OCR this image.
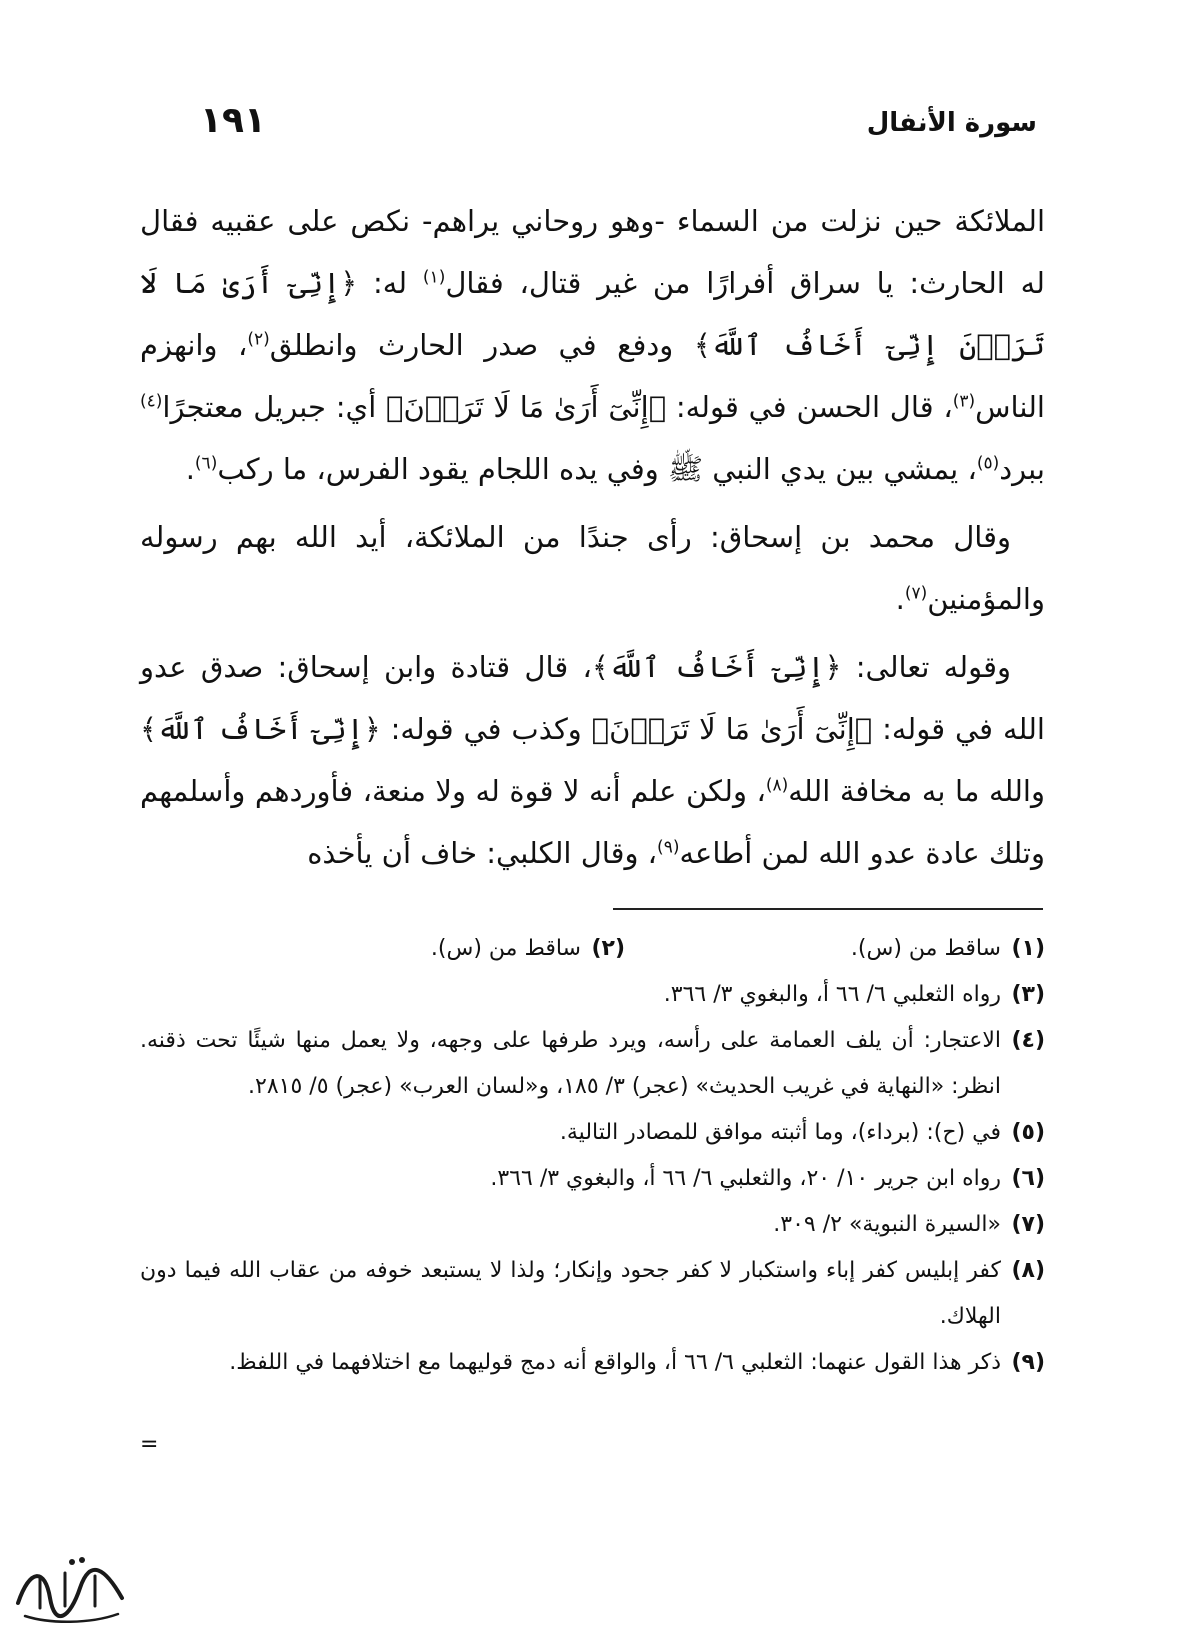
سورة الأنفال
١٩١

الملائكة حين نزلت من السماء -وهو روحاني يراهم- نكص على عقبيه فقال له الحارث: يا سراق أفرارًا من غير قتال، فقال$^{(١)}$ له: ﴿إِنِّىٓ أَرَىٰ مَا لَا تَرَوۡنَ إِنِّىٓ أَخَافُ ٱللَّهَ﴾ ودفع في صدر الحارث وانطلق$^{(٢)}$، وانهزم الناس$^{(٣)}$، قال الحسن في قوله: ﴿إِنِّىٓ أَرَىٰ مَا لَا تَرَوۡنَ﴾ أي: جبريل معتجرًا$^{(٤)}$ ببرد$^{(٥)}$، يمشي بين يدي النبي ﷺ وفي يده اللجام يقود الفرس، ما ركب$^{(٦)}$.

وقال محمد بن إسحاق: رأى جندًا من الملائكة، أيد الله بهم رسوله والمؤمنين$^{(٧)}$.

وقوله تعالى: ﴿إِنِّىٓ أَخَافُ ٱللَّهَ﴾، قال قتادة وابن إسحاق: صدق عدو الله في قوله: ﴿إِنِّىٓ أَرَىٰ مَا لَا تَرَوۡنَ﴾ وكذب في قوله: ﴿إِنِّىٓ أَخَافُ ٱللَّهَ﴾ والله ما به مخافة الله$^{(٨)}$، ولكن علم أنه لا قوة له ولا منعة، فأوردهم وأسلمهم وتلك عادة عدو الله لمن أطاعه$^{(٩)}$، وقال الكلبي: خاف أن يأخذه

(١)
ساقط من (س).
(٢)
ساقط من (س).
(٣)
رواه الثعلبي ٦/ ٦٦ أ، والبغوي ٣/ ٣٦٦.
(٤)
الاعتجار: أن يلف العمامة على رأسه، ويرد طرفها على وجهه، ولا يعمل منها شيئًا تحت ذقنه. انظر: «النهاية في غريب الحديث» (عجر) ٣/ ١٨٥، و«لسان العرب» (عجر) ٥/ ٢٨١٥.
(٥)
في (ح): (برداء)، وما أثبته موافق للمصادر التالية.
(٦)
رواه ابن جرير ١٠/ ٢٠، والثعلبي ٦/ ٦٦ أ، والبغوي ٣/ ٣٦٦.
(٧)
«السيرة النبوية» ٢/ ٣٠٩.
(٨)
كفر إبليس كفر إباء واستكبار لا كفر جحود وإنكار؛ ولذا لا يستبعد خوفه من عقاب الله فيما دون الهلاك.
(٩)
ذكر هذا القول عنهما: الثعلبي ٦/ ٦٦ أ، والواقع أنه دمج قوليهما مع اختلافهما في اللفظ.
=
